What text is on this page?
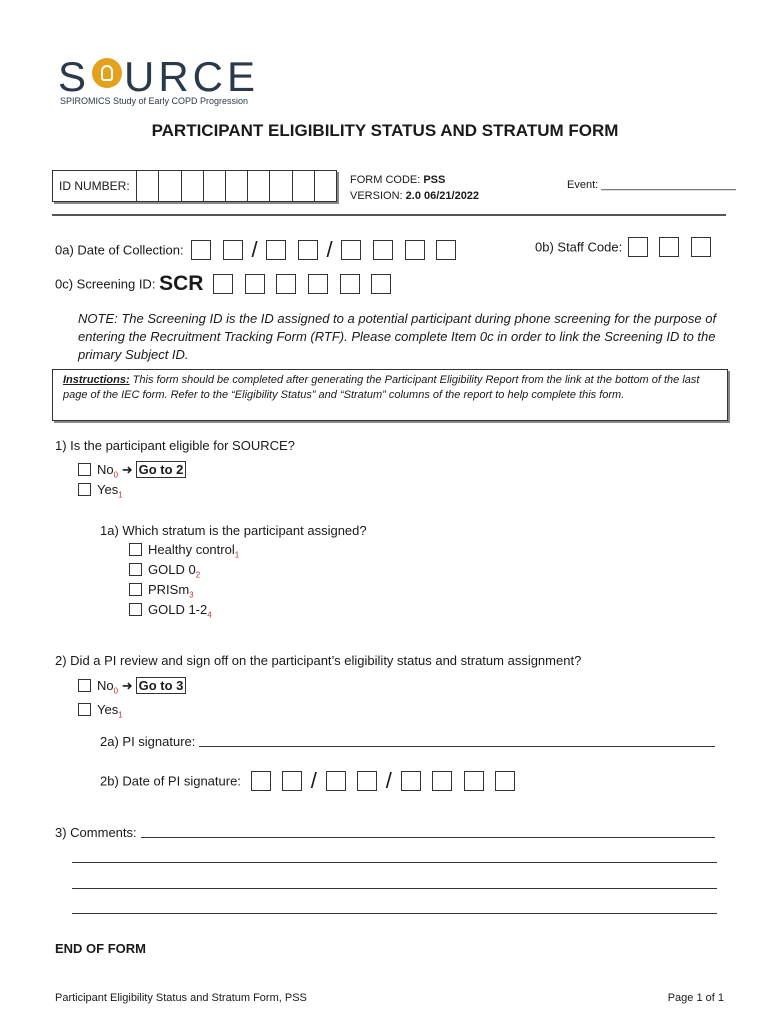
S URCE
SPIROMICS Study of Early COPD Progression
PARTICIPANT ELIGIBILITY STATUS AND STRATUM FORM
ID NUMBER:	FORM CODE: PSS
VERSION: 2.0 06/21/2022
Event: ______________________
0a) Date of Collection:	/	/	0b) Staff Code:
0c) Screening ID: SCR
NOTE: The Screening ID is the ID assigned to a potential participant during phone screening for the purpose of entering the Recruitment Tracking Form (RTF). Please complete Item 0c in order to link the Screening ID to the primary Subject ID.
Instructions: This form should be completed after generating the Participant Eligibility Report from the link at the bottom of the last page of the IEC form. Refer to the “Eligibility Status” and “Stratum” columns of the report to help complete this form.
1) Is the participant eligible for SOURCE?
$No_0$ ➜ Go to 2
Yes$_1$
1a) Which stratum is the participant assigned?
Healthy control$_1$
GOLD $0_2$
PRISm$_3$
GOLD $1-2_4$
2) Did a PI review and sign off on the participant’s eligibility status and stratum assignment?
$No_0$ ➜ Go to 3
Yes$_1$
2a) PI signature:
2b) Date of PI signature:	/	/
3) Comments:
END OF FORM
Participant Eligibility Status and Stratum Form, PSS	Page 1 of 1
